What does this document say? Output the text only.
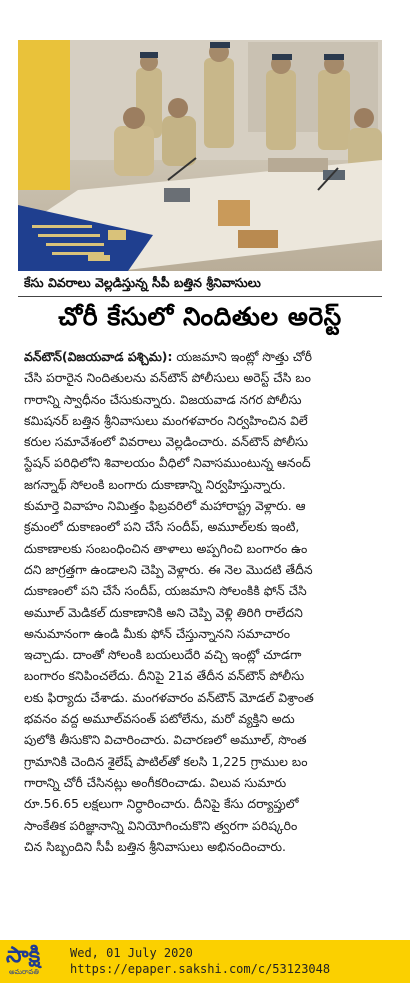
కేసు వివరాలు వెల్లడిస్తున్న సీపీ బత్తిన శ్రీనివాసులు
చోరీ కేసులో నిందితుల అరెస్ట్
వన్‌టౌన్‌(విజయవాడ పశ్చిమ): యజమాని ఇంట్లో సొత్తు చోరీ
చేసి పరారైన నిందితులను వన్‌టౌన్‌ పోలీసులు అరెస్ట్‌ చేసి బం
గారాన్ని స్వాధీనం చేసుకున్నారు. విజయవాడ నగర పోలీసు
కమిషనర్‌ బత్తిన శ్రీనివాసులు మంగళవారం నిర్వహించిన విలే
కరుల సమావేశంలో వివరాలు వెల్లడించారు. వన్‌టౌన్‌ పోలీసు
స్టేషన్‌ పరిధిలోని శివాలయం వీధిలో నివాసముంటున్న ఆనంద్‌
జగన్నాథ్‌ సోలంకి బంగారు దుకాణాన్ని నిర్వహిస్తున్నారు.
కుమార్తె వివాహం నిమిత్తం ఫిబ్రవరిలో మహారాష్ట్ర వెళ్లారు. ఆ
క్రమంలో దుకాణంలో పని చేసే సందీప్‌, అమూల్‌లకు ఇంటి,
దుకాణాలకు సంబంధించిన తాళాలు అప్పగించి బంగారం ఉం
దని జాగ్రత్తగా ఉండాలని చెప్పి వెళ్లారు. ఈ నెల మొదటి తేదీన
దుకాణంలో పని చేసే సందీప్‌, యజమాని సోలంకికి ఫోన్‌ చేసి
అమూల్‌ మెడికల్‌ దుకాణానికి అని చెప్పి వెళ్లి తిరిగి రాలేదని
అనుమానంగా ఉండి మీకు ఫోన్‌ చేస్తున్నానని సమాచారం
ఇచ్చాడు. దాంతో సోలంకి బయలుదేరి వచ్చి ఇంట్లో చూడగా
బంగారం కనిపించలేదు. దీనిపై 21వ తేదీన వన్‌టౌన్‌ పోలీసు
లకు ఫిర్యాదు చేశాడు. మంగళవారం వన్‌టౌన్‌ మోడల్‌ విశ్రాంత
భవనం వద్ద అమూల్‌వసంత్‌ పటోలేను, మరో వ్యక్తిని అదు
పులోకి తీసుకొని విచారించారు. విచారణలో అమూల్‌, సొంత
గ్రామానికి చెందిన శైలేష్‌ పాటిల్‌తో కలసి 1,225 గ్రాముల బం
గారాన్ని చోరీ చేసినట్లు అంగీకరించాడు. విలువ సుమారు
రూ.56.65 లక్షలుగా నిర్ధారించారు. దీనిపై కేసు దర్యాప్తులో
సాంకేతిక పరిజ్ఞానాన్ని వినియోగించుకొని త్వరగా పరిష్కరిం
చిన సిబ్బందిని సీపీ బత్తిన శ్రీనివాసులు అభినందించారు.
సాక్షి
అమరావతి
Wed, 01 July 2020
https://epaper.sakshi.com/c/53123048
